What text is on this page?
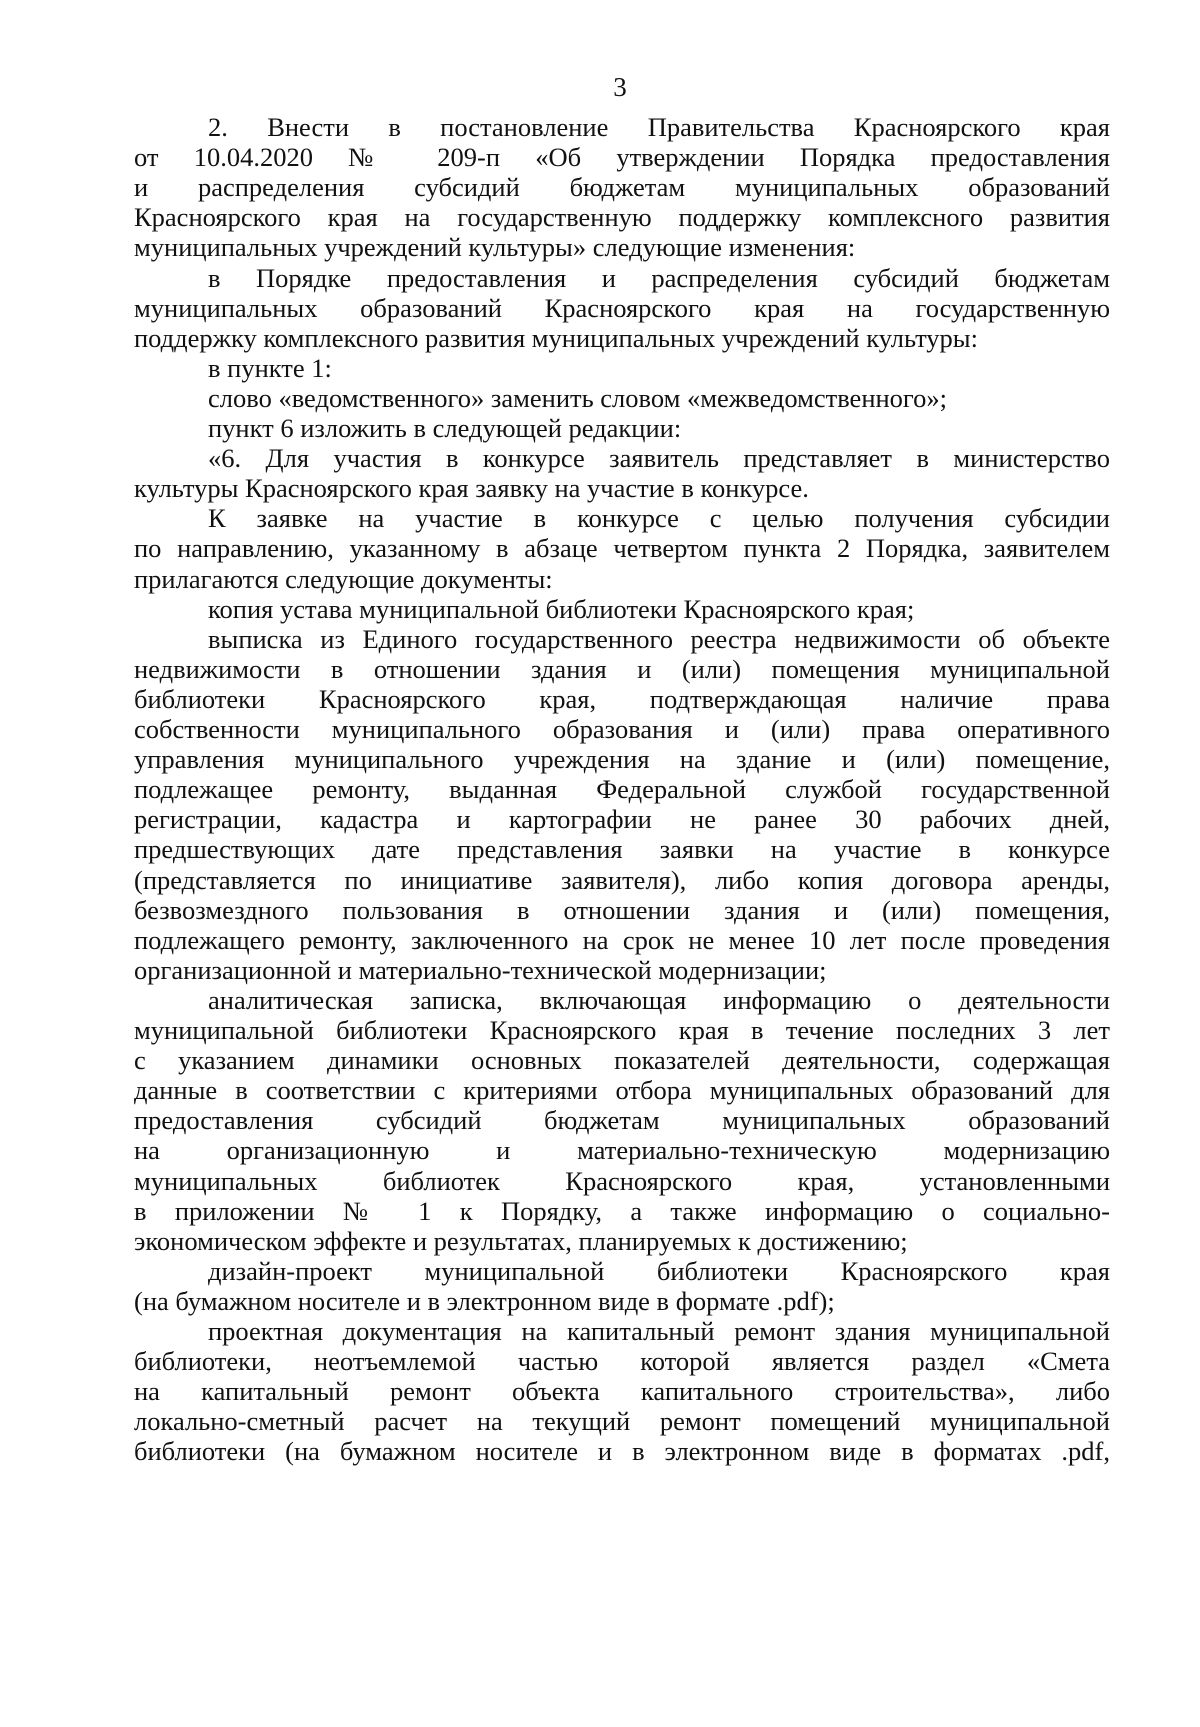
3
2. Внести в постановление Правительства Красноярского края
от 10.04.2020 № 209-п «Об утверждении Порядка предоставления
и распределения субсидий бюджетам муниципальных образований
Красноярского края на государственную поддержку комплексного развития
муниципальных учреждений культуры» следующие изменения:
в Порядке предоставления и распределения субсидий бюджетам
муниципальных образований Красноярского края на государственную
поддержку комплексного развития муниципальных учреждений культуры:
в пункте 1:
слово «ведомственного» заменить словом «межведомственного»;
пункт 6 изложить в следующей редакции:
«6. Для участия в конкурсе заявитель представляет в министерство
культуры Красноярского края заявку на участие в конкурсе.
К заявке на участие в конкурсе с целью получения субсидии
по направлению, указанному в абзаце четвертом пункта 2 Порядка, заявителем
прилагаются следующие документы:
копия устава муниципальной библиотеки Красноярского края;
выписка из Единого государственного реестра недвижимости об объекте
недвижимости в отношении здания и (или) помещения муниципальной
библиотеки Красноярского края, подтверждающая наличие права
собственности муниципального образования и (или) права оперативного
управления муниципального учреждения на здание и (или) помещение,
подлежащее ремонту, выданная Федеральной службой государственной
регистрации, кадастра и картографии не ранее 30 рабочих дней,
предшествующих дате представления заявки на участие в конкурсе
(представляется по инициативе заявителя), либо копия договора аренды,
безвозмездного пользования в отношении здания и (или) помещения,
подлежащего ремонту, заключенного на срок не менее 10 лет после проведения
организационной и материально-технической модернизации;
аналитическая записка, включающая информацию о деятельности
муниципальной библиотеки Красноярского края в течение последних 3 лет
с указанием динамики основных показателей деятельности, содержащая
данные в соответствии с критериями отбора муниципальных образований для
предоставления субсидий бюджетам муниципальных образований
на организационную и материально-техническую модернизацию
муниципальных библиотек Красноярского края, установленными
в приложении № 1 к Порядку, а также информацию о социально-
экономическом эффекте и результатах, планируемых к достижению;
дизайн-проект муниципальной библиотеки Красноярского края
(на бумажном носителе и в электронном виде в формате .pdf);
проектная документация на капитальный ремонт здания муниципальной
библиотеки, неотъемлемой частью которой является раздел «Смета
на капитальный ремонт объекта капитального строительства», либо
локально-сметный расчет на текущий ремонт помещений муниципальной
библиотеки (на бумажном носителе и в электронном виде в форматах .pdf,
